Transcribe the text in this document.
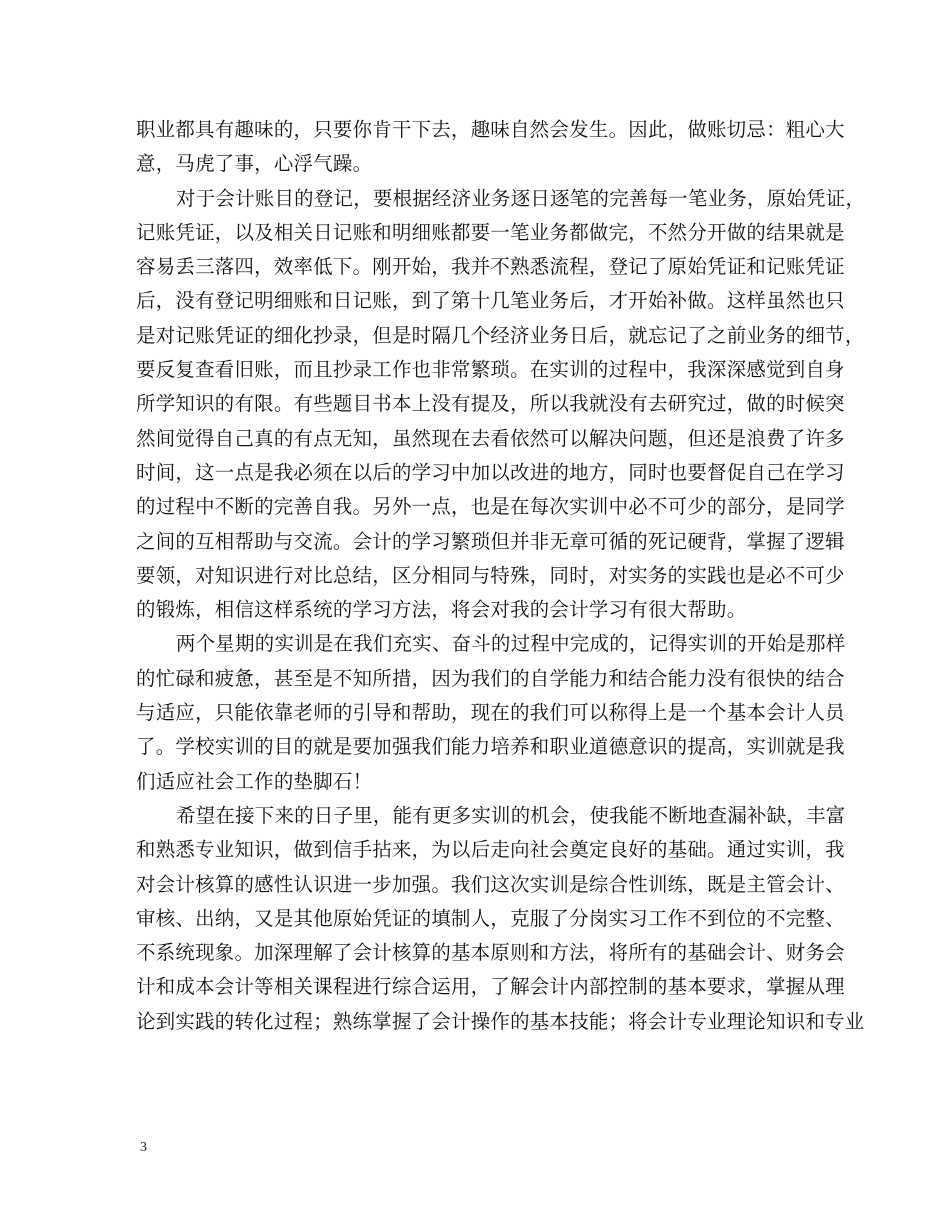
职业都具有趣味的，只要你肯干下去，趣味自然会发生。因此，做账切忌：粗心大
意，马虎了事，心浮气躁。
对于会计账目的登记，要根据经济业务逐日逐笔的完善每一笔业务，原始凭证，
记账凭证，以及相关日记账和明细账都要一笔业务都做完，不然分开做的结果就是
容易丢三落四，效率低下。刚开始，我并不熟悉流程，登记了原始凭证和记账凭证
后，没有登记明细账和日记账，到了第十几笔业务后，才开始补做。这样虽然也只
是对记账凭证的细化抄录，但是时隔几个经济业务日后，就忘记了之前业务的细节，
要反复查看旧账，而且抄录工作也非常繁琐。在实训的过程中，我深深感觉到自身
所学知识的有限。有些题目书本上没有提及，所以我就没有去研究过，做的时候突
然间觉得自己真的有点无知，虽然现在去看依然可以解决问题，但还是浪费了许多
时间，这一点是我必须在以后的学习中加以改进的地方，同时也要督促自己在学习
的过程中不断的完善自我。另外一点，也是在每次实训中必不可少的部分，是同学
之间的互相帮助与交流。会计的学习繁琐但并非无章可循的死记硬背，掌握了逻辑
要领，对知识进行对比总结，区分相同与特殊，同时，对实务的实践也是必不可少
的锻炼，相信这样系统的学习方法，将会对我的会计学习有很大帮助。
两个星期的实训是在我们充实、奋斗的过程中完成的，记得实训的开始是那样
的忙碌和疲惫，甚至是不知所措，因为我们的自学能力和结合能力没有很快的结合
与适应，只能依靠老师的引导和帮助，现在的我们可以称得上是一个基本会计人员
了。学校实训的目的就是要加强我们能力培养和职业道德意识的提高，实训就是我
们适应社会工作的垫脚石！
希望在接下来的日子里，能有更多实训的机会，使我能不断地查漏补缺，丰富
和熟悉专业知识，做到信手拈来，为以后走向社会奠定良好的基础。通过实训，我
对会计核算的感性认识进一步加强。我们这次实训是综合性训练，既是主管会计、
审核、出纳，又是其他原始凭证的填制人，克服了分岗实习工作不到位的不完整、
不系统现象。加深理解了会计核算的基本原则和方法，将所有的基础会计、财务会
计和成本会计等相关课程进行综合运用，了解会计内部控制的基本要求，掌握从理
论到实践的转化过程；熟练掌握了会计操作的基本技能；将会计专业理论知识和专业
3
